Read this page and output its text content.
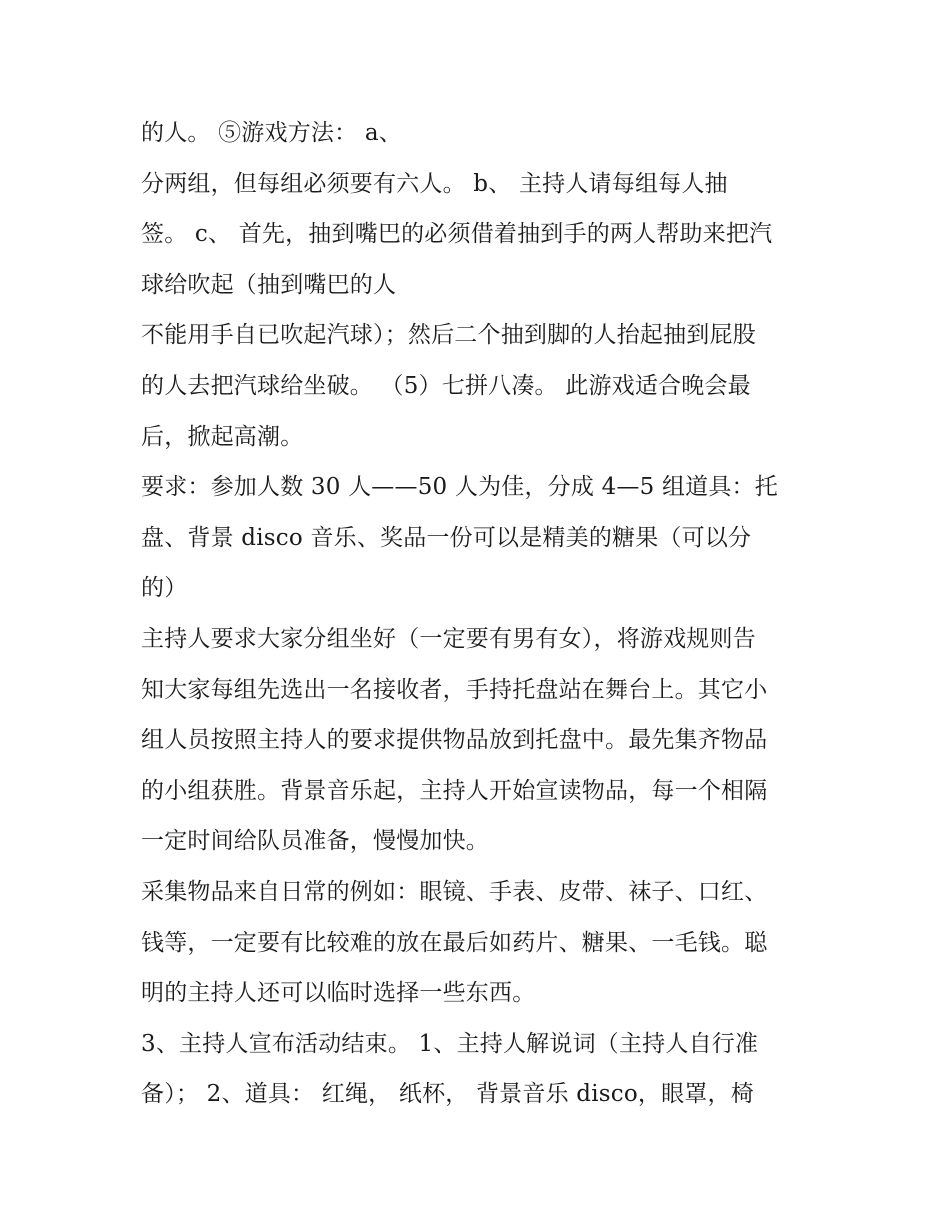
的人。 ⑤游戏方法： a、
分两组，但每组必须要有六人。 b、 主持人请每组每人抽
签。 c、 首先，抽到嘴巴的必须借着抽到手的两人帮助来把汽
球给吹起（抽到嘴巴的人
不能用手自已吹起汽球）；然后二个抽到脚的人抬起抽到屁股
的人去把汽球给坐破。 （5）七拼八凑。 此游戏适合晚会最
后，掀起高潮。
要求：参加人数 30 人——50 人为佳，分成 4—5 组道具：托
盘、背景 disco 音乐、奖品一份可以是精美的糖果（可以分
的）
主持人要求大家分组坐好（一定要有男有女），将游戏规则告
知大家每组先选出一名接收者，手持托盘站在舞台上。其它小
组人员按照主持人的要求提供物品放到托盘中。最先集齐物品
的小组获胜。背景音乐起，主持人开始宣读物品，每一个相隔
一定时间给队员准备，慢慢加快。
采集物品来自日常的例如：眼镜、手表、皮带、袜子、口红、
钱等，一定要有比较难的放在最后如药片、糖果、一毛钱。聪
明的主持人还可以临时选择一些东西。
3、主持人宣布活动结束。 1、主持人解说词（主持人自行准
备）； 2、道具： 红绳， 纸杯， 背景音乐 disco，眼罩，椅
